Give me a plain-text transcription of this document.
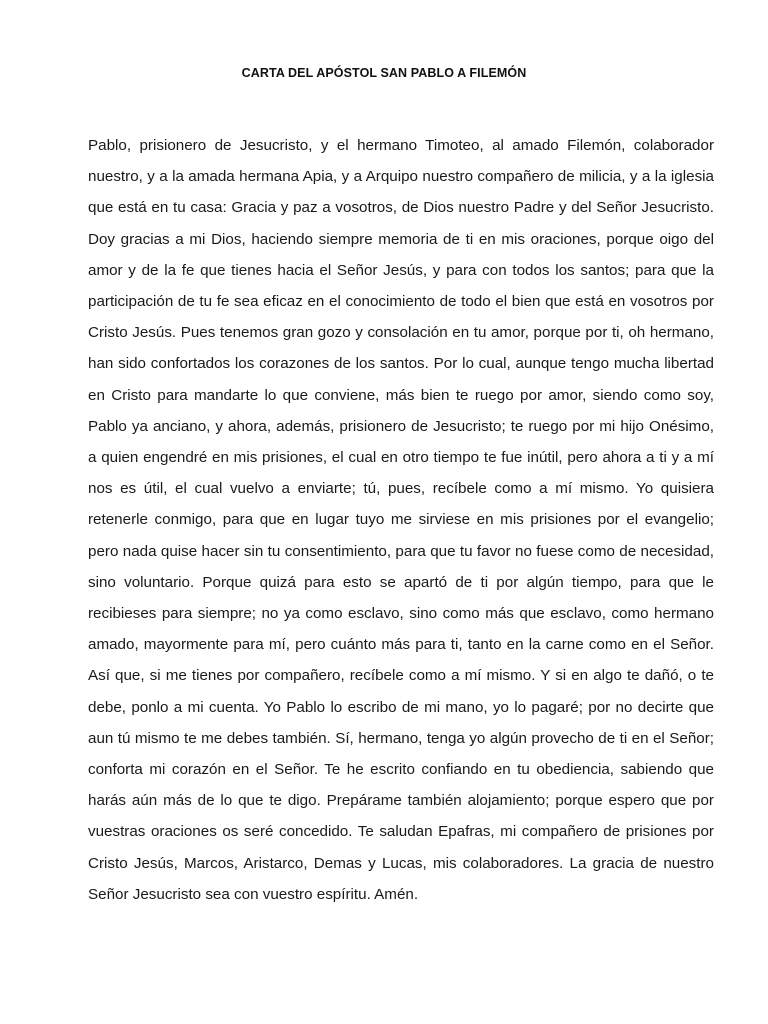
CARTA DEL APÓSTOL SAN PABLO A FILEMÓN

Pablo, prisionero de Jesucristo, y el hermano Timoteo, al amado Filemón, colaborador nuestro, y a la amada hermana Apia, y a Arquipo nuestro compañero de milicia, y a la iglesia que está en tu casa: Gracia y paz a vosotros, de Dios nuestro Padre y del Señor Jesucristo. Doy gracias a mi Dios, haciendo siempre memoria de ti en mis oraciones, porque oigo del amor y de la fe que tienes hacia el Señor Jesús, y para con todos los santos; para que la participación de tu fe sea eficaz en el conocimiento de todo el bien que está en vosotros por Cristo Jesús. Pues tenemos gran gozo y consolación en tu amor, porque por ti, oh hermano, han sido confortados los corazones de los santos. Por lo cual, aunque tengo mucha libertad en Cristo para mandarte lo que conviene, más bien te ruego por amor, siendo como soy, Pablo ya anciano, y ahora, además, prisionero de Jesucristo; te ruego por mi hijo Onésimo, a quien engendré en mis prisiones, el cual en otro tiempo te fue inútil, pero ahora a ti y a mí nos es útil, el cual vuelvo a enviarte; tú, pues, recíbele como a mí mismo. Yo quisiera retenerle conmigo, para que en lugar tuyo me sirviese en mis prisiones por el evangelio; pero nada quise hacer sin tu consentimiento, para que tu favor no fuese como de necesidad, sino voluntario. Porque quizá para esto se apartó de ti por algún tiempo, para que le recibieses para siempre; no ya como esclavo, sino como más que esclavo, como hermano amado, mayormente para mí, pero cuánto más para ti, tanto en la carne como en el Señor. Así que, si me tienes por compañero, recíbele como a mí mismo. Y si en algo te dañó, o te debe, ponlo a mi cuenta. Yo Pablo lo escribo de mi mano, yo lo pagaré; por no decirte que aun tú mismo te me debes también. Sí, hermano, tenga yo algún provecho de ti en el Señor; conforta mi corazón en el Señor. Te he escrito confiando en tu obediencia, sabiendo que harás aún más de lo que te digo. Prepárame también alojamiento; porque espero que por vuestras oraciones os seré concedido. Te saludan Epafras, mi compañero de prisiones por Cristo Jesús, Marcos, Aristarco, Demas y Lucas, mis colaboradores. La gracia de nuestro Señor Jesucristo sea con vuestro espíritu. Amén.
